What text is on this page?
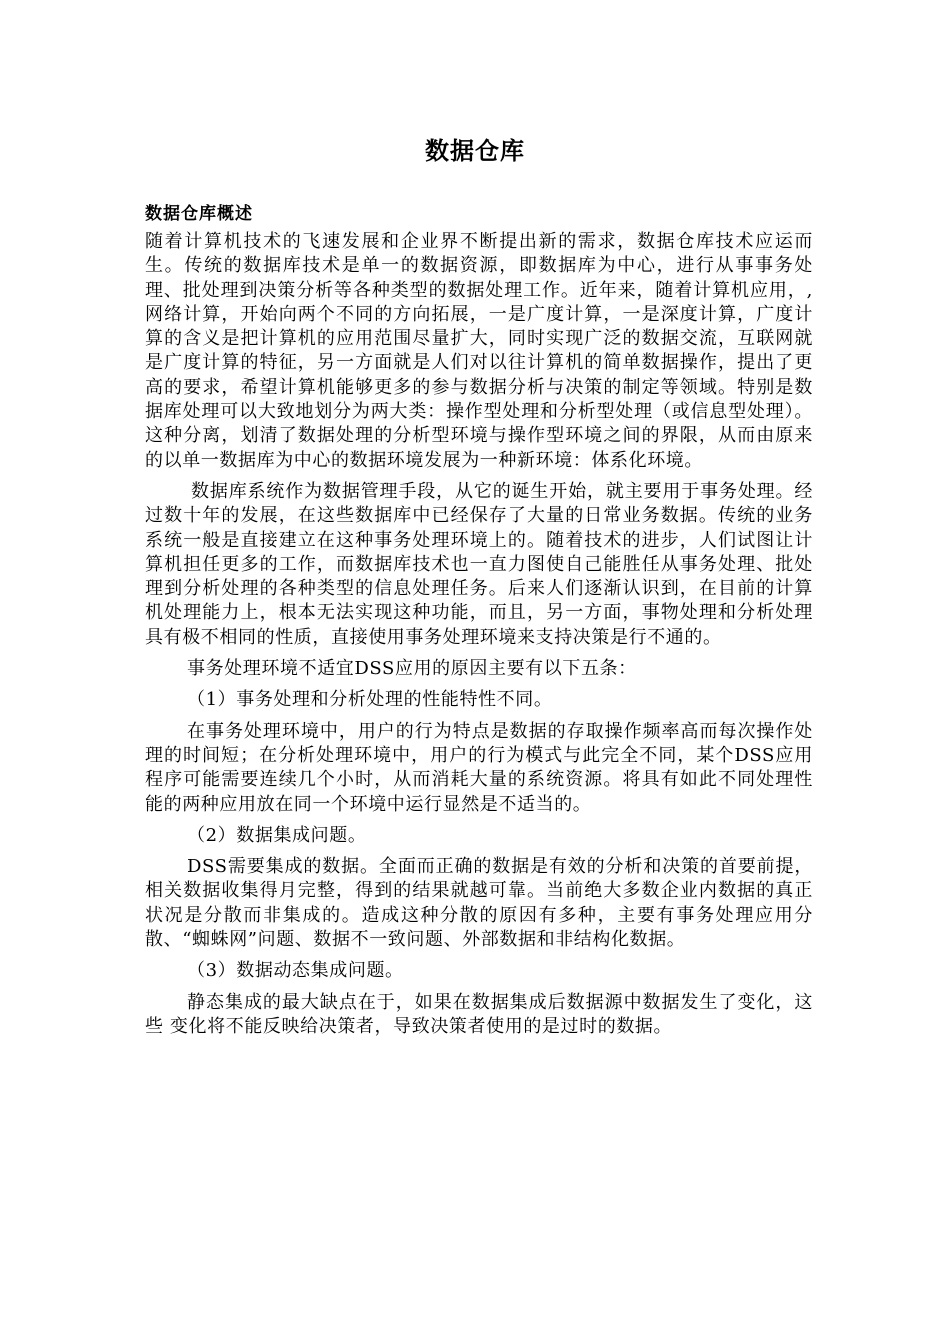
数据仓库
数据仓库概述

随着计算机技术的飞速发展和企业界不断提出新的需求，数据仓库技术应运而生。传统的数据库技术是单一的数据资源，即数据库为中心，进行从事事务处理、批处理到决策分析等各种类型的数据处理工作。近年来，随着计算机应用，, 网络计算，开始向两个不同的方向拓展，一是广度计算，一是深度计算，广度计算的含义是把计算机的应用范围尽量扩大，同时实现广泛的数据交流，互联网就是广度计算的特征，另一方面就是人们对以往计算机的简单数据操作，提出了更高的要求，希望计算机能够更多的参与数据分析与决策的制定等领域。特别是数据库处理可以大致地划分为两大类：操作型处理和分析型处理（或信息型处理）。这种分离，划清了数据处理的分析型环境与操作型环境之间的界限，从而由原来的以单一数据库为中心的数据环境发展为一种新环境：体系化环境。

数据库系统作为数据管理手段，从它的诞生开始，就主要用于事务处理。经过数十年的发展，在这些数据库中已经保存了大量的日常业务数据。传统的业务系统一般是直接建立在这种事务处理环境上的。随着技术的进步，人们试图让计算机担任更多的工作，而数据库技术也一直力图使自己能胜任从事务处理、批处理到分析处理的各种类型的信息处理任务。后来人们逐渐认识到，在目前的计算机处理能力上，根本无法实现这种功能，而且，另一方面，事物处理和分析处理具有极不相同的性质，直接使用事务处理环境来支持决策是行不通的。

事务处理环境不适宜DSS应用的原因主要有以下五条：

（1）事务处理和分析处理的性能特性不同。

在事务处理环境中，用户的行为特点是数据的存取操作频率高而每次操作处理的时间短；在分析处理环境中，用户的行为模式与此完全不同，某个DSS应用程序可能需要连续几个小时，从而消耗大量的系统资源。将具有如此不同处理性能的两种应用放在同一个环境中运行显然是不适当的。

（2）数据集成问题。

DSS需要集成的数据。全面而正确的数据是有效的分析和决策的首要前提，相关数据收集得月完整，得到的结果就越可靠。当前绝大多数企业内数据的真正状况是分散而非集成的。造成这种分散的原因有多种，主要有事务处理应用分散、“蜘蛛网”问题、数据不一致问题、外部数据和非结构化数据。

（3）数据动态集成问题。

静态集成的最大缺点在于，如果在数据集成后数据源中数据发生了变化，这些 变化将不能反映给决策者，导致决策者使用的是过时的数据。
